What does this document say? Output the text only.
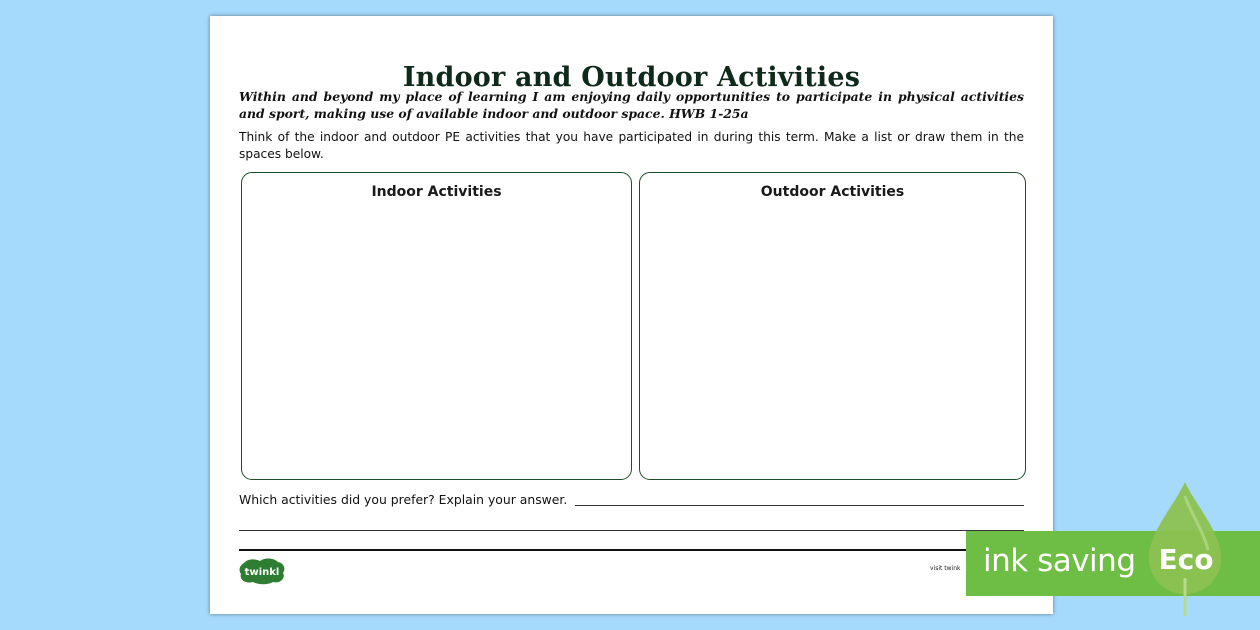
Indoor and Outdoor Activities
Within and beyond my place of learning I am enjoying daily opportunities to participate in physical activities and sport, making use of available indoor and outdoor space. HWB 1-25a
Think of the indoor and outdoor PE activities that you have participated in during this term. Make a list or draw them in the spaces below.
Indoor Activities	Outdoor Activities
Which activities did you prefer? Explain your answer.
twinkl	visit twink ink saving Eco
